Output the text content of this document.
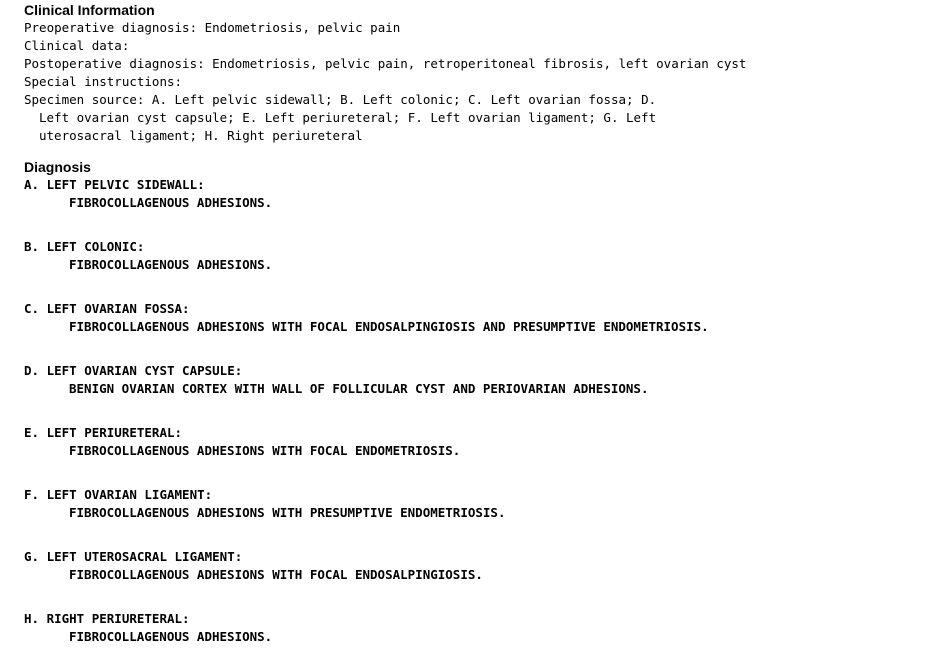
Clinical Information

Preoperative diagnosis: Endometriosis, pelvic pain

Clinical data:

Postoperative diagnosis: Endometriosis, pelvic pain, retroperitoneal fibrosis, left ovarian cyst

Special instructions:

Specimen source: A. Left pelvic sidewall; B. Left colonic; C. Left ovarian fossa; D.

Left ovarian cyst capsule; E. Left periureteral; F. Left ovarian ligament; G. Left

uterosacral ligament; H. Right periureteral

Diagnosis

A. LEFT PELVIC SIDEWALL:

FIBROCOLLAGENOUS ADHESIONS.

B. LEFT COLONIC:

FIBROCOLLAGENOUS ADHESIONS.

C. LEFT OVARIAN FOSSA:

FIBROCOLLAGENOUS ADHESIONS WITH FOCAL ENDOSALPINGIOSIS AND PRESUMPTIVE ENDOMETRIOSIS.

D. LEFT OVARIAN CYST CAPSULE:

BENIGN OVARIAN CORTEX WITH WALL OF FOLLICULAR CYST AND PERIOVARIAN ADHESIONS.

E. LEFT PERIURETERAL:

FIBROCOLLAGENOUS ADHESIONS WITH FOCAL ENDOMETRIOSIS.

F. LEFT OVARIAN LIGAMENT:

FIBROCOLLAGENOUS ADHESIONS WITH PRESUMPTIVE ENDOMETRIOSIS.

G. LEFT UTEROSACRAL LIGAMENT:

FIBROCOLLAGENOUS ADHESIONS WITH FOCAL ENDOSALPINGIOSIS.

H. RIGHT PERIURETERAL:

FIBROCOLLAGENOUS ADHESIONS.
